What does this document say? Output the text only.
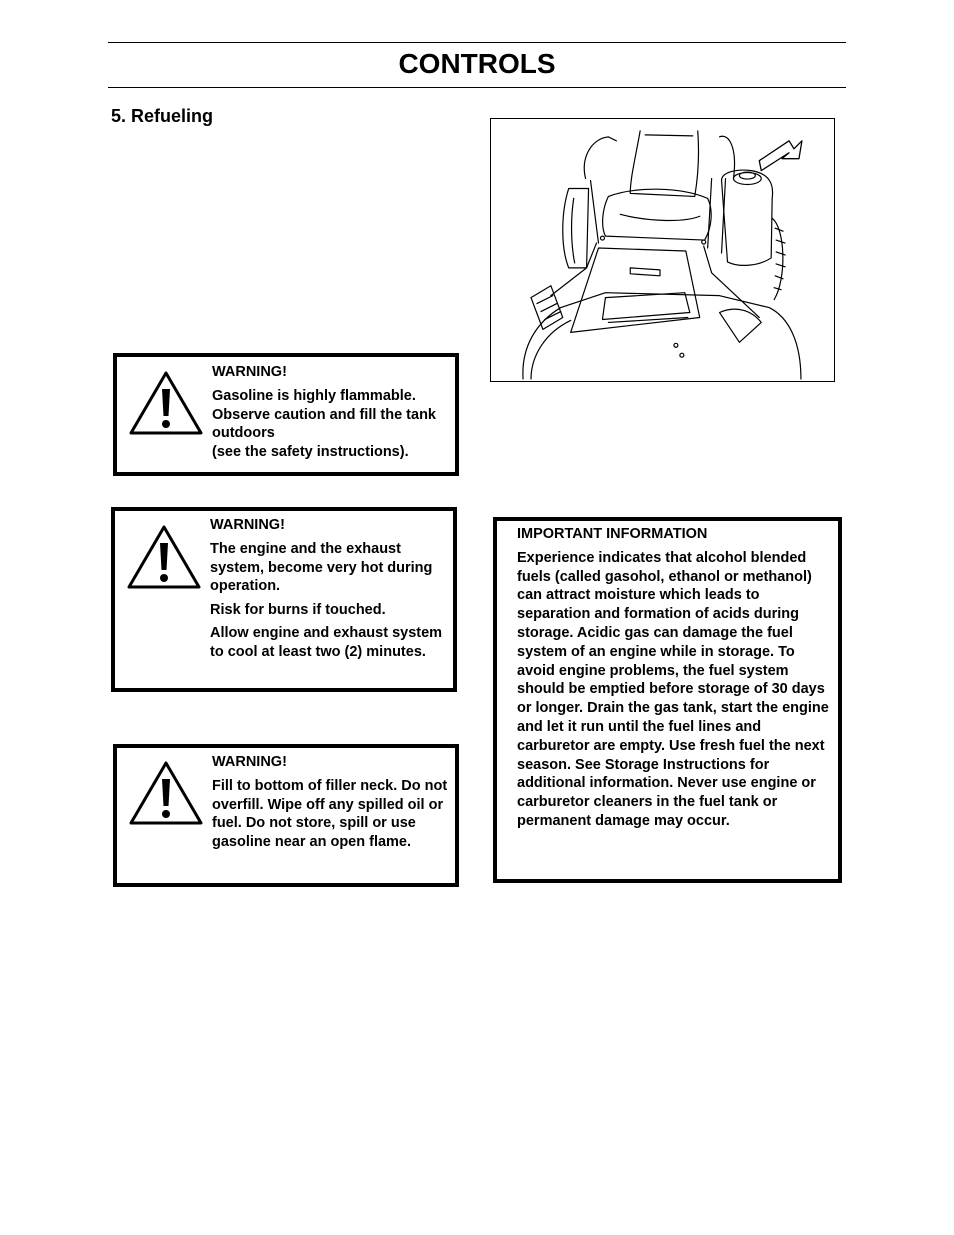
CONTROLS
5. Refueling

WARNING!

Gasoline is highly flammable. Observe caution and fill the tank outdoors
(see the safety instructions).

WARNING!

The engine and the exhaust system, become very hot during operation.

Risk for burns if touched.

Allow engine and exhaust system to cool at least two (2) minutes.

WARNING!

Fill to bottom of filler neck. Do not overfill. Wipe off any spilled oil or fuel. Do not store, spill or use gasoline near an open flame.

IMPORTANT INFORMATION

Experience indicates that alcohol blended fuels (called gasohol, ethanol or methanol) can attract moisture which leads to separation and formation of acids during storage. Acidic gas can damage the fuel system of an engine while in storage. To avoid engine problems, the fuel system should be emptied before storage of 30 days or longer. Drain the gas tank, start the engine and let it run until the fuel lines and carburetor are empty. Use fresh fuel the next season. See Storage Instructions for additional information. Never use engine or carburetor cleaners in the fuel tank or permanent damage may occur.
